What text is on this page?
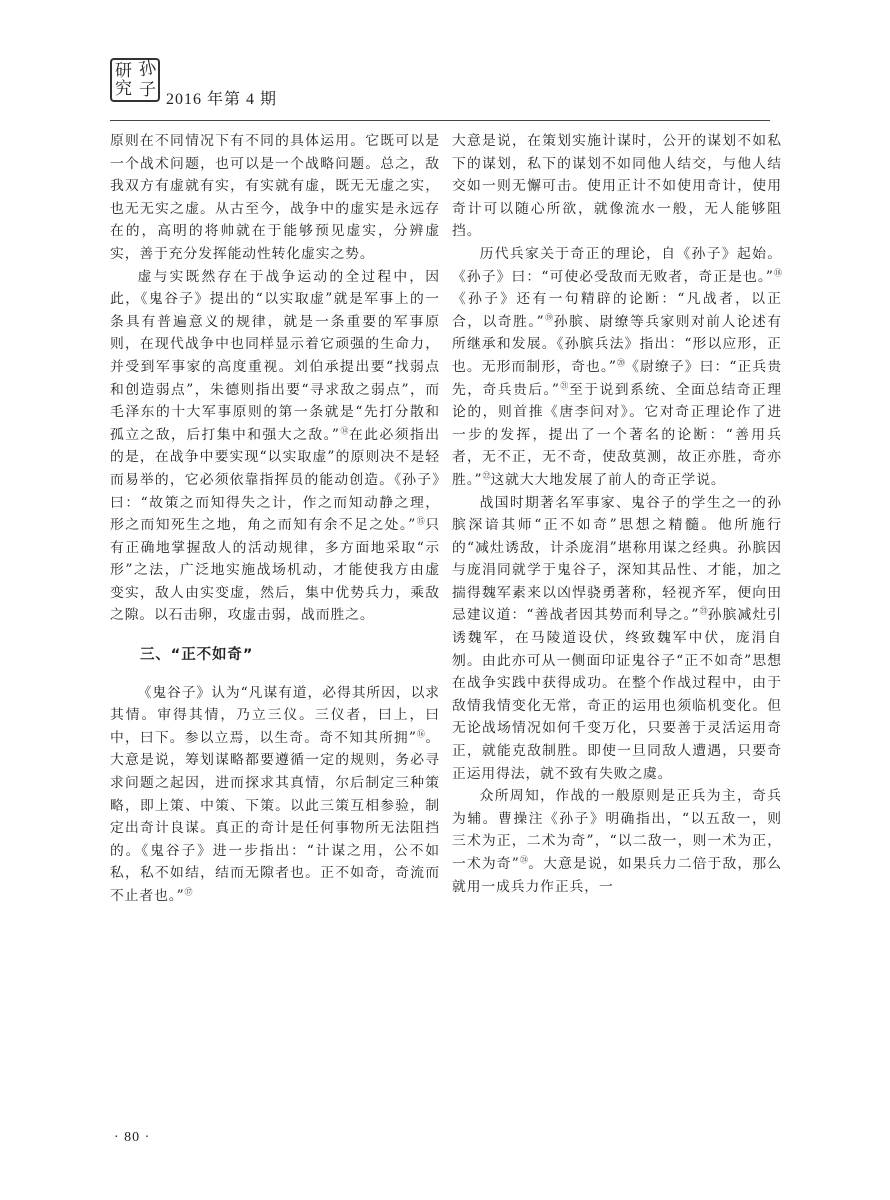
研 孙
究 子 2016 年第 4 期

原则在不同情况下有不同的具体运用。它既可以是一个战术问题，也可以是一个战略问题。总之，敌我双方有虚就有实，有实就有虚，既无无虚之实，也无无实之虚。从古至今，战争中的虚实是永远存在的，高明的将帅就在于能够预见虚实，分辨虚实，善于充分发挥能动性转化虚实之势。

虚与实既然存在于战争运动的全过程中，因此，《鬼谷子》提出的“以实取虚”就是军事上的一条具有普遍意义的规律，就是一条重要的军事原则，在现代战争中也同样显示着它顽强的生命力，并受到军事家的高度重视。刘伯承提出要“找弱点和创造弱点”，朱德则指出要“寻求敌之弱点”，而毛泽东的十大军事原则的第一条就是“先打分散和孤立之敌，后打集中和强大之敌。”⑭在此必须指出的是，在战争中要实现“以实取虚”的原则决不是轻而易举的，它必须依靠指挥员的能动创造。《孙子》曰：“故策之而知得失之计，作之而知动静之理，形之而知死生之地，角之而知有余不足之处。”⑮只有正确地掌握敌人的活动规律，多方面地采取“示形”之法，广泛地实施战场机动，才能使我方由虚变实，敌人由实变虚，然后，集中优势兵力，乘敌之隙。以石击卵，攻虚击弱，战而胜之。

三、“正不如奇”

《鬼谷子》认为“凡谋有道，必得其所因，以求其情。审得其情，乃立三仪。三仪者，曰上，曰中，曰下。参以立焉，以生奇。奇不知其所拥”⑯。大意是说，筹划谋略都要遵循一定的规则，务必寻求问题之起因，进而探求其真情，尔后制定三种策略，即上策、中策、下策。以此三策互相参验，制定出奇计良谋。真正的奇计是任何事物所无法阻挡的。《鬼谷子》进一步指出：“计谋之用，公不如私，私不如结，结而无隙者也。正不如奇，奇流而不止者也。”⑰

大意是说，在策划实施计谋时，公开的谋划不如私下的谋划，私下的谋划不如同他人结交，与他人结交如一则无懈可击。使用正计不如使用奇计，使用奇计可以随心所欲，就像流水一般，无人能够阻挡。

历代兵家关于奇正的理论，自《孙子》起始。《孙子》曰：“可使必受敌而无败者，奇正是也。”⑱《孙子》还有一句精辟的论断：“凡战者，以正合，以奇胜。”⑲孙膑、尉缭等兵家则对前人论述有所继承和发展。《孙膑兵法》指出：“形以应形，正也。无形而制形，奇也。”⑳《尉缭子》曰：“正兵贵先，奇兵贵后。”$^㉑$至于说到系统、全面总结奇正理论的，则首推《唐李问对》。它对奇正理论作了进一步的发挥，提出了一个著名的论断：“善用兵者，无不正，无不奇，使敌莫测，故正亦胜，奇亦胜。”$^㉒$这就大大地发展了前人的奇正学说。

战国时期著名军事家、鬼谷子的学生之一的孙膑深谙其师“正不如奇”思想之精髓。他所施行的“减灶诱敌，计杀庞涓”堪称用谋之经典。孙膑因与庞涓同就学于鬼谷子，深知其品性、才能，加之揣得魏军素来以凶悍骁勇著称，轻视齐军，便向田忌建议道：“善战者因其势而利导之。”$^㉓$孙膑减灶引诱魏军，在马陵道设伏，终致魏军中伏，庞涓自刎。由此亦可从一侧面印证鬼谷子“正不如奇”思想在战争实践中获得成功。在整个作战过程中，由于敌情我情变化无常，奇正的运用也须临机变化。但无论战场情况如何千变万化，只要善于灵活运用奇正，就能克敌制胜。即使一旦同敌人遭遇，只要奇正运用得法，就不致有失败之虞。

众所周知，作战的一般原则是正兵为主，奇兵为辅。曹操注《孙子》明确指出，“以五敌一，则三术为正，二术为奇”，“以二敌一，则一术为正，一术为奇”$^㉔$。大意是说，如果兵力二倍于敌，那么就用一成兵力作正兵，一

· 80 ·
